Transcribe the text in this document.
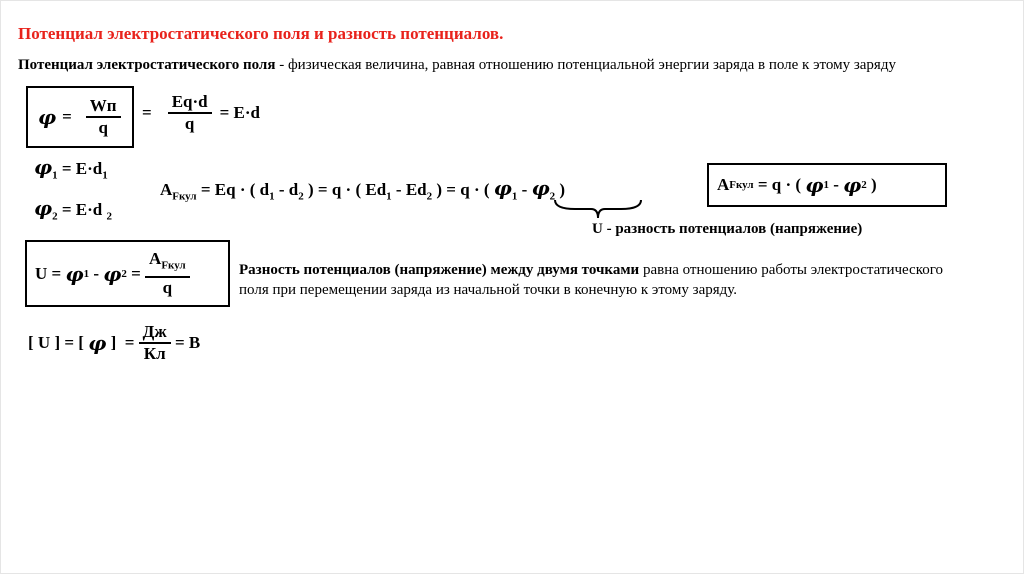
Потенциал электростатического поля и разность потенциалов.
Потенциал электростатического поля - физическая величина, равная отношению потенциальной энергии заряда в поле к этому заряду
$\varphi = \frac{Wп}{q} = \frac{Eq\cdot d}{q} = E\cdot d$
$\varphi_1 = E\cdot d_1$
$\varphi_2 = E\cdot d$ $_2$
$A_{Fкул} = Eq$ · ( $d_1 - d_2$ ) = q · ( $Ed_1 - Ed_2$ ) = q · ( $\varphi_1 - \varphi_2$ )
U - разность потенциалов (напряжение)
A Fкул = q · ( φ 1 - φ 2 )
U = φ 1 - φ $2 = \frac{A_{Fкул}}{q}$	Разность потенциалов (напряжение) между двумя точками равна отношению работы электростатического поля при перемещении заряда из начальной точки в конечную к этому заряду.
[ U ] = [ φ ]  = $\frac{Дж}{Кл} = В$
